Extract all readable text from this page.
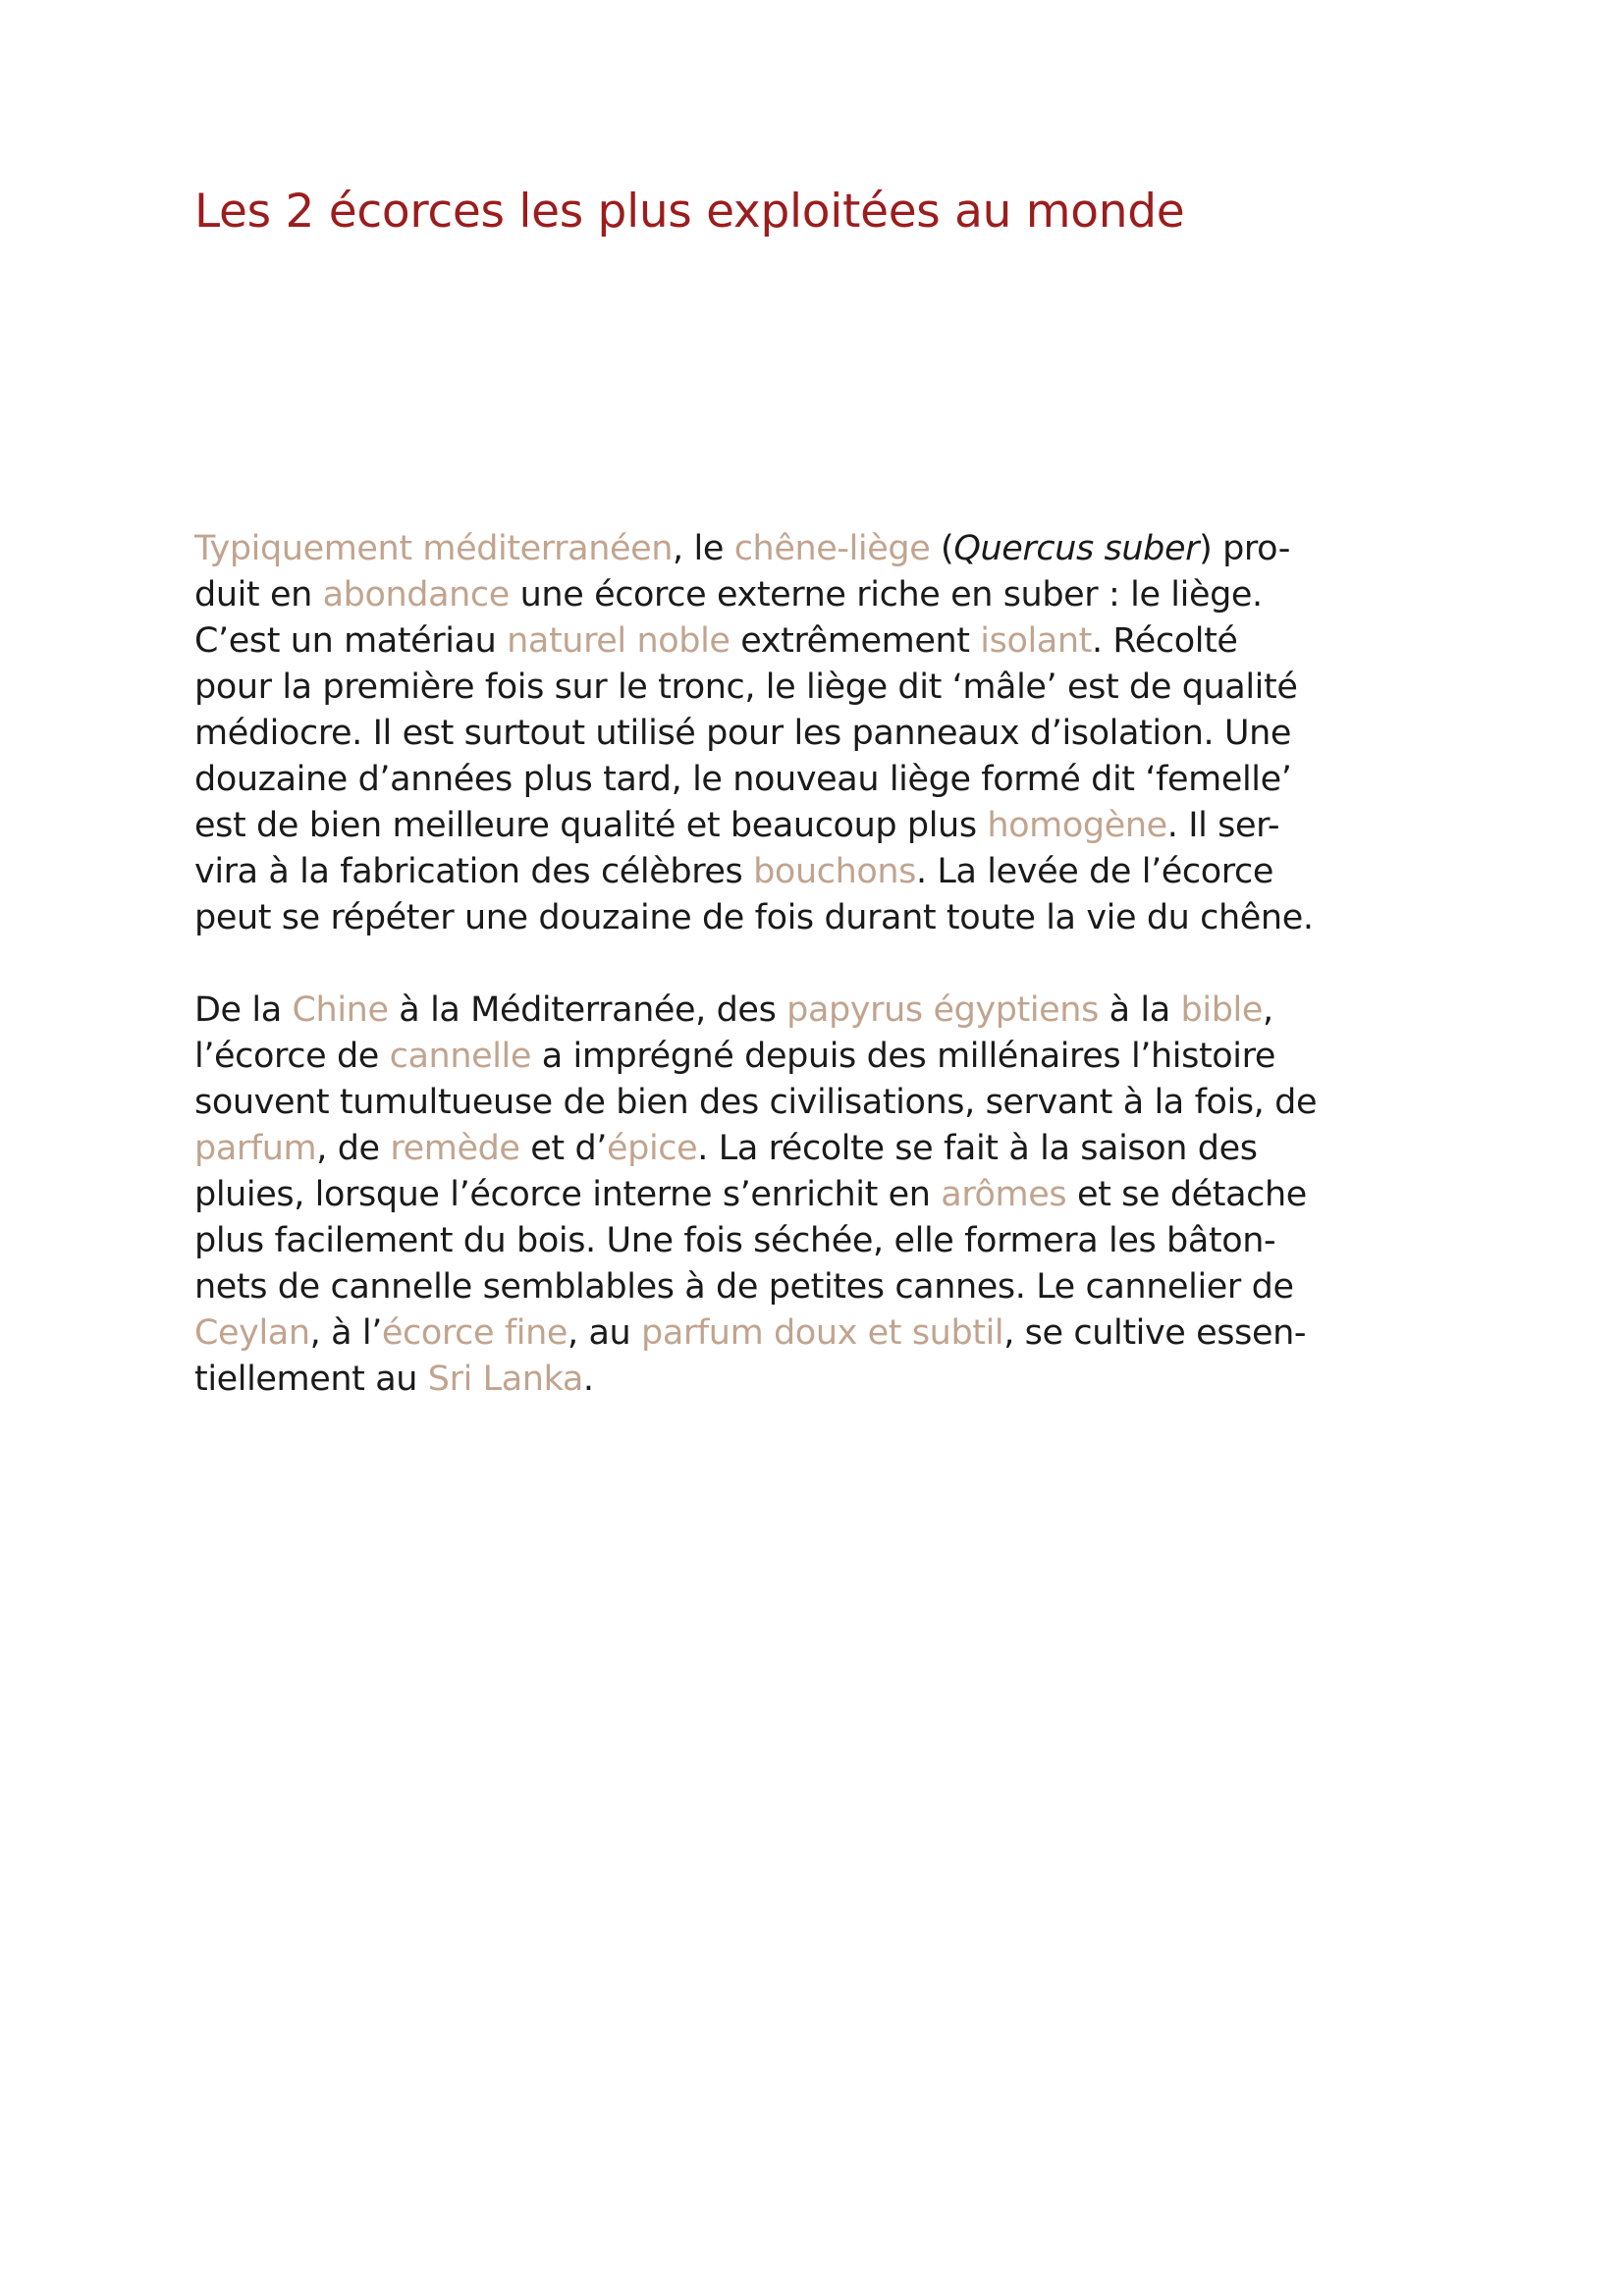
Les 2 écorces les plus exploitées au monde
Typiquement méditerranéen, le chêne-liège (Quercus suber) pro-
duit en abondance une écorce externe riche en suber : le liège.
C’est un matériau naturel noble extrêmement isolant. Récolté
pour la première fois sur le tronc, le liège dit ‘mâle’ est de qualité
médiocre. Il est surtout utilisé pour les panneaux d’isolation. Une
douzaine d’années plus tard, le nouveau liège formé dit ‘femelle’
est de bien meilleure qualité et beaucoup plus homogène. Il ser-
vira à la fabrication des célèbres bouchons. La levée de l’écorce
peut se répéter une douzaine de fois durant toute la vie du chêne.
De la Chine à la Méditerranée, des papyrus égyptiens à la bible,
l’écorce de cannelle a imprégné depuis des millénaires l’histoire
souvent tumultueuse de bien des civilisations, servant à la fois, de
parfum, de remède et d’épice. La récolte se fait à la saison des
pluies, lorsque l’écorce interne s’enrichit en arômes et se détache
plus facilement du bois. Une fois séchée, elle formera les bâton-
nets de cannelle semblables à de petites cannes. Le cannelier de
Ceylan, à l’écorce fine, au parfum doux et subtil, se cultive essen-
tiellement au Sri Lanka.
